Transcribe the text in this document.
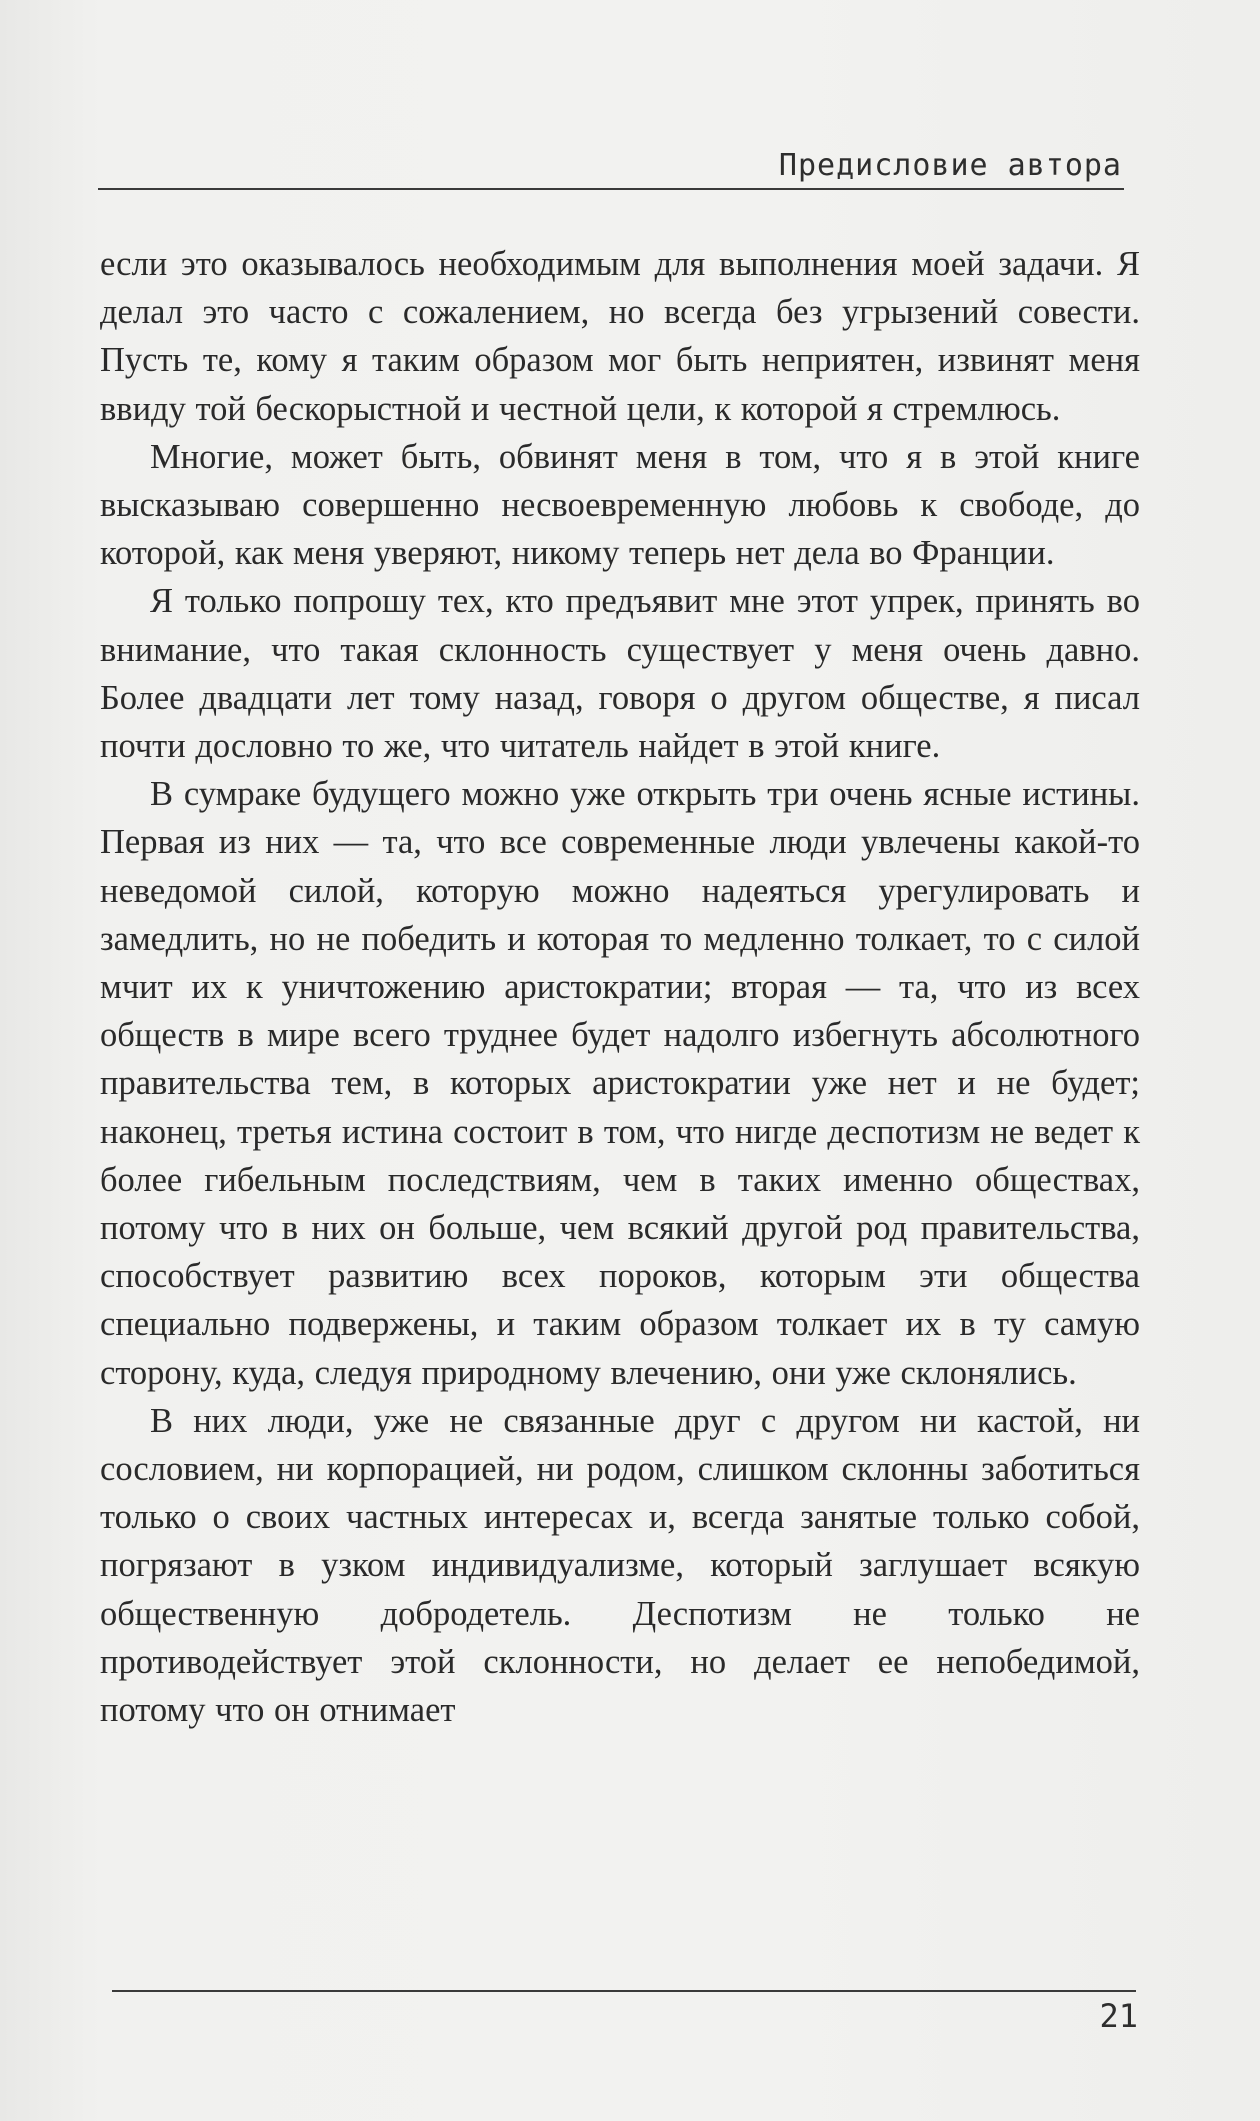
Предисловие автора

если это оказывалось необходимым для выполнения моей задачи. Я делал это часто с сожалением, но всегда без угрызений совести. Пусть те, кому я таким образом мог быть неприятен, извинят меня ввиду той бескорыстной и честной цели, к которой я стремлюсь.

Многие, может быть, обвинят меня в том, что я в этой книге высказываю совершенно несвоевременную любовь к свободе, до которой, как меня уверяют, никому теперь нет дела во Франции.

Я только попрошу тех, кто предъявит мне этот упрек, принять во внимание, что такая склонность существует у меня очень давно. Более двадцати лет тому назад, говоря о другом обществе, я писал почти дословно то же, что читатель найдет в этой книге.

В сумраке будущего можно уже открыть три очень ясные истины. Первая из них — та, что все современные люди увлечены какой-то неведомой силой, которую можно надеяться урегулировать и замедлить, но не победить и которая то медленно толкает, то с силой мчит их к уничтожению аристократии; вторая — та, что из всех обществ в мире всего труднее будет надолго избегнуть абсолютного правительства тем, в которых аристократии уже нет и не будет; наконец, третья истина состоит в том, что нигде деспотизм не ведет к более гибельным последствиям, чем в таких именно обществах, потому что в них он больше, чем всякий другой род правительства, способствует развитию всех пороков, которым эти общества специально подвержены, и таким образом толкает их в ту самую сторону, куда, следуя природному влечению, они уже склонялись.

В них люди, уже не связанные друг с другом ни кастой, ни сословием, ни корпорацией, ни родом, слишком склонны заботиться только о своих частных интересах и, всегда занятые только собой, погрязают в узком индивидуализме, который заглушает всякую общественную добродетель. Деспотизм не только не противодействует этой склонности, но делает ее непобедимой, потому что он отнимает

21
